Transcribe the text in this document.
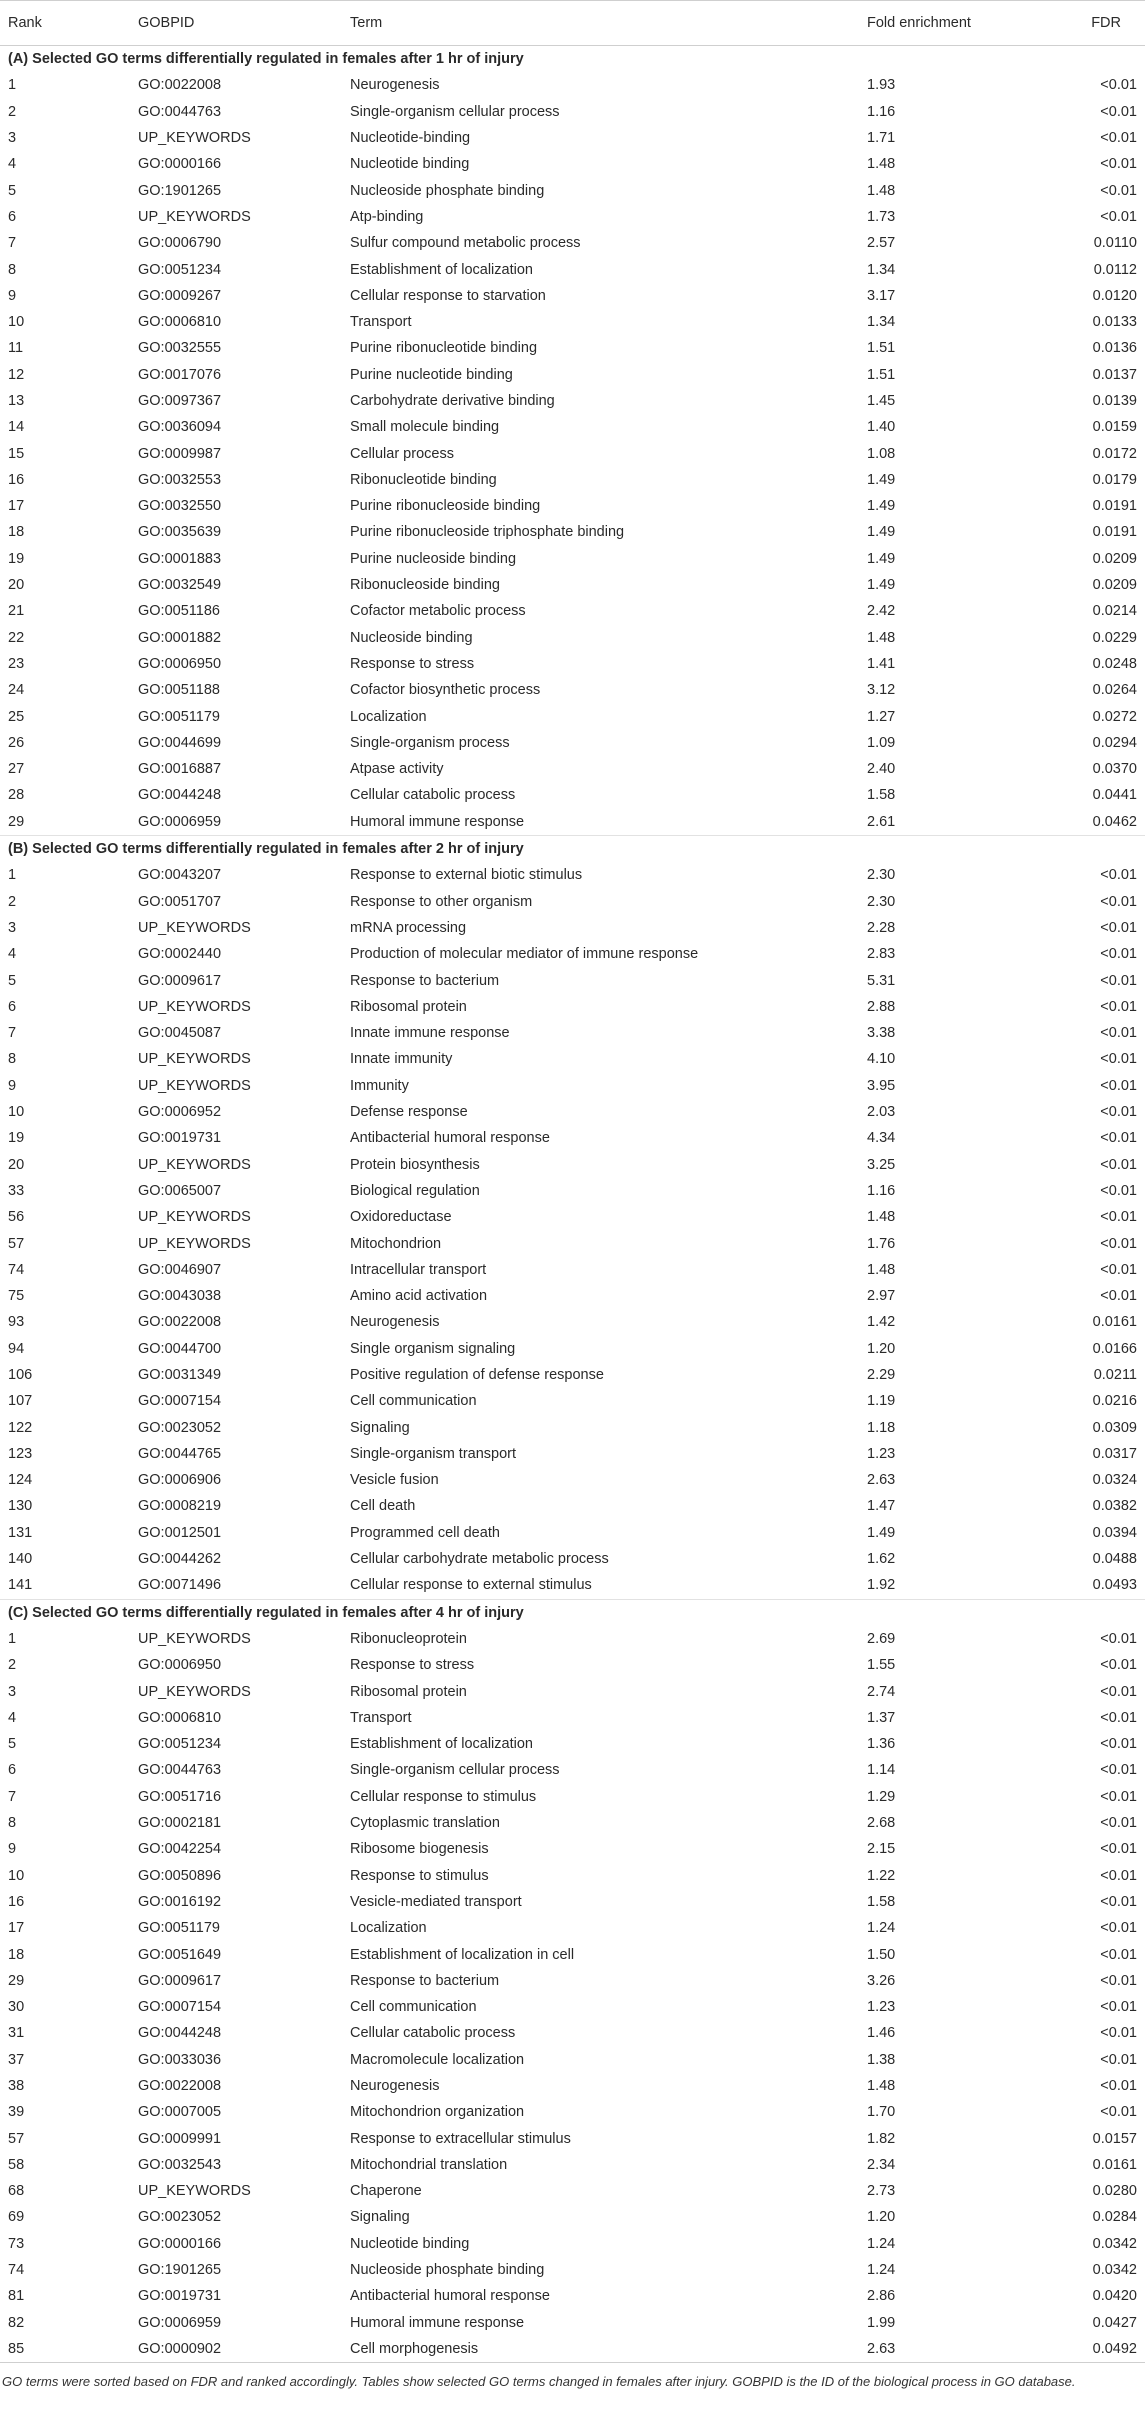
Rank	GOBPID	Term	Fold enrichment	FDR
(A) Selected GO terms differentially regulated in females after 1 hr of injury				
1	GO:0022008	Neurogenesis	1.93	<0.01
2	GO:0044763	Single-organism cellular process	1.16	<0.01
3	UP_KEYWORDS	Nucleotide-binding	1.71	<0.01
4	GO:0000166	Nucleotide binding	1.48	<0.01
5	GO:1901265	Nucleoside phosphate binding	1.48	<0.01
6	UP_KEYWORDS	Atp-binding	1.73	<0.01
7	GO:0006790	Sulfur compound metabolic process	2.57	0.0110
8	GO:0051234	Establishment of localization	1.34	0.0112
9	GO:0009267	Cellular response to starvation	3.17	0.0120
10	GO:0006810	Transport	1.34	0.0133
11	GO:0032555	Purine ribonucleotide binding	1.51	0.0136
12	GO:0017076	Purine nucleotide binding	1.51	0.0137
13	GO:0097367	Carbohydrate derivative binding	1.45	0.0139
14	GO:0036094	Small molecule binding	1.40	0.0159
15	GO:0009987	Cellular process	1.08	0.0172
16	GO:0032553	Ribonucleotide binding	1.49	0.0179
17	GO:0032550	Purine ribonucleoside binding	1.49	0.0191
18	GO:0035639	Purine ribonucleoside triphosphate binding	1.49	0.0191
19	GO:0001883	Purine nucleoside binding	1.49	0.0209
20	GO:0032549	Ribonucleoside binding	1.49	0.0209
21	GO:0051186	Cofactor metabolic process	2.42	0.0214
22	GO:0001882	Nucleoside binding	1.48	0.0229
23	GO:0006950	Response to stress	1.41	0.0248
24	GO:0051188	Cofactor biosynthetic process	3.12	0.0264
25	GO:0051179	Localization	1.27	0.0272
26	GO:0044699	Single-organism process	1.09	0.0294
27	GO:0016887	Atpase activity	2.40	0.0370
28	GO:0044248	Cellular catabolic process	1.58	0.0441
29	GO:0006959	Humoral immune response	2.61	0.0462
(B) Selected GO terms differentially regulated in females after 2 hr of injury				
1	GO:0043207	Response to external biotic stimulus	2.30	<0.01
2	GO:0051707	Response to other organism	2.30	<0.01
3	UP_KEYWORDS	mRNA processing	2.28	<0.01
4	GO:0002440	Production of molecular mediator of immune response	2.83	<0.01
5	GO:0009617	Response to bacterium	5.31	<0.01
6	UP_KEYWORDS	Ribosomal protein	2.88	<0.01
7	GO:0045087	Innate immune response	3.38	<0.01
8	UP_KEYWORDS	Innate immunity	4.10	<0.01
9	UP_KEYWORDS	Immunity	3.95	<0.01
10	GO:0006952	Defense response	2.03	<0.01
19	GO:0019731	Antibacterial humoral response	4.34	<0.01
20	UP_KEYWORDS	Protein biosynthesis	3.25	<0.01
33	GO:0065007	Biological regulation	1.16	<0.01
56	UP_KEYWORDS	Oxidoreductase	1.48	<0.01
57	UP_KEYWORDS	Mitochondrion	1.76	<0.01
74	GO:0046907	Intracellular transport	1.48	<0.01
75	GO:0043038	Amino acid activation	2.97	<0.01
93	GO:0022008	Neurogenesis	1.42	0.0161
94	GO:0044700	Single organism signaling	1.20	0.0166
106	GO:0031349	Positive regulation of defense response	2.29	0.0211
107	GO:0007154	Cell communication	1.19	0.0216
122	GO:0023052	Signaling	1.18	0.0309
123	GO:0044765	Single-organism transport	1.23	0.0317
124	GO:0006906	Vesicle fusion	2.63	0.0324
130	GO:0008219	Cell death	1.47	0.0382
131	GO:0012501	Programmed cell death	1.49	0.0394
140	GO:0044262	Cellular carbohydrate metabolic process	1.62	0.0488
141	GO:0071496	Cellular response to external stimulus	1.92	0.0493
(C) Selected GO terms differentially regulated in females after 4 hr of injury				
1	UP_KEYWORDS	Ribonucleoprotein	2.69	<0.01
2	GO:0006950	Response to stress	1.55	<0.01
3	UP_KEYWORDS	Ribosomal protein	2.74	<0.01
4	GO:0006810	Transport	1.37	<0.01
5	GO:0051234	Establishment of localization	1.36	<0.01
6	GO:0044763	Single-organism cellular process	1.14	<0.01
7	GO:0051716	Cellular response to stimulus	1.29	<0.01
8	GO:0002181	Cytoplasmic translation	2.68	<0.01
9	GO:0042254	Ribosome biogenesis	2.15	<0.01
10	GO:0050896	Response to stimulus	1.22	<0.01
16	GO:0016192	Vesicle-mediated transport	1.58	<0.01
17	GO:0051179	Localization	1.24	<0.01
18	GO:0051649	Establishment of localization in cell	1.50	<0.01
29	GO:0009617	Response to bacterium	3.26	<0.01
30	GO:0007154	Cell communication	1.23	<0.01
31	GO:0044248	Cellular catabolic process	1.46	<0.01
37	GO:0033036	Macromolecule localization	1.38	<0.01
38	GO:0022008	Neurogenesis	1.48	<0.01
39	GO:0007005	Mitochondrion organization	1.70	<0.01
57	GO:0009991	Response to extracellular stimulus	1.82	0.0157
58	GO:0032543	Mitochondrial translation	2.34	0.0161
68	UP_KEYWORDS	Chaperone	2.73	0.0280
69	GO:0023052	Signaling	1.20	0.0284
73	GO:0000166	Nucleotide binding	1.24	0.0342
74	GO:1901265	Nucleoside phosphate binding	1.24	0.0342
81	GO:0019731	Antibacterial humoral response	2.86	0.0420
82	GO:0006959	Humoral immune response	1.99	0.0427
85	GO:0000902	Cell morphogenesis	2.63	0.0492
GO terms were sorted based on FDR and ranked accordingly. Tables show selected GO terms changed in females after injury. GOBPID is the ID of the biological process in GO database.
